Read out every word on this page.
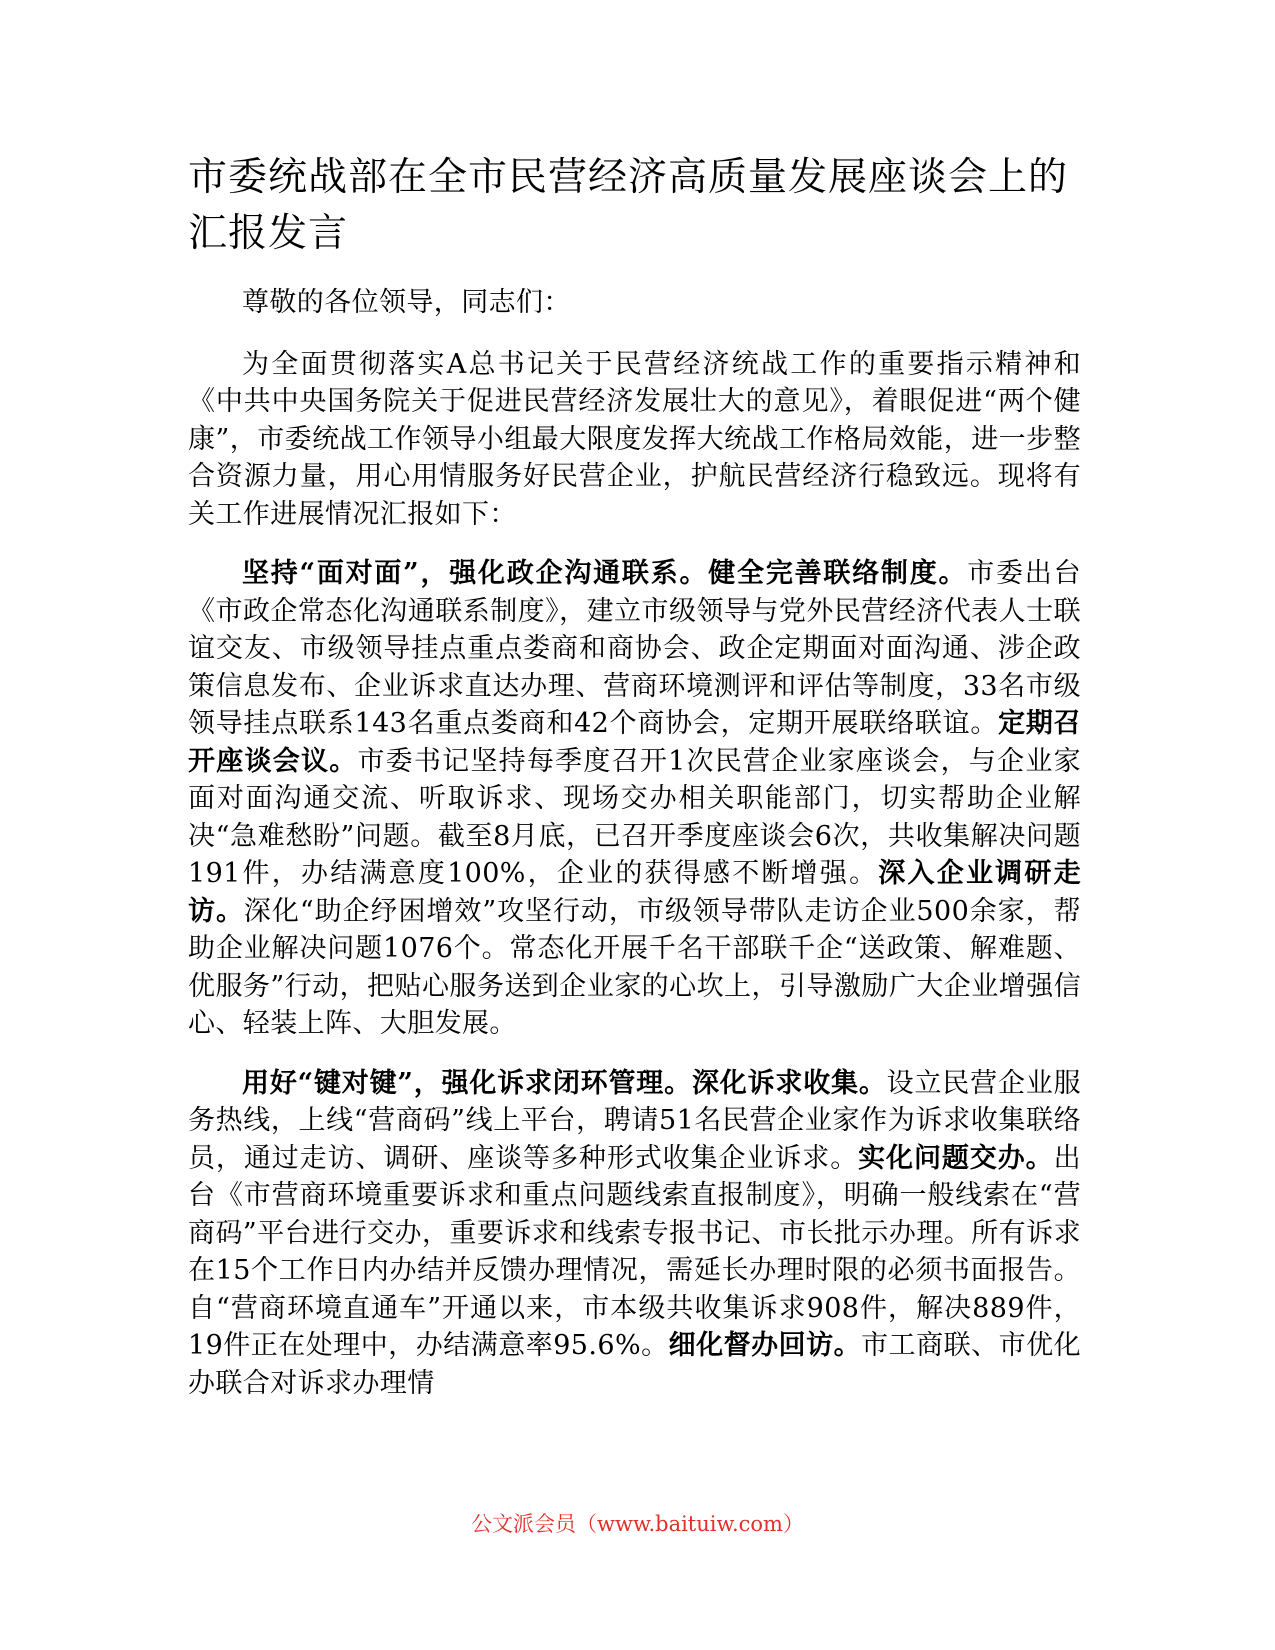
市委统战部在全市民营经济高质量发展座谈会上的汇报发言

尊敬的各位领导，同志们：

为全面贯彻落实A总书记关于民营经济统战工作的重要指示精神和《中共中央国务院关于促进民营经济发展壮大的意见》，着眼促进“两个健康”，市委统战工作领导小组最大限度发挥大统战工作格局效能，进一步整合资源力量，用心用情服务好民营企业，护航民营经济行稳致远。现将有关工作进展情况汇报如下：

坚持“面对面”，强化政企沟通联系。健全完善联络制度。市委出台《市政企常态化沟通联系制度》，建立市级领导与党外民营经济代表人士联谊交友、市级领导挂点重点娄商和商协会、政企定期面对面沟通、涉企政策信息发布、企业诉求直达办理、营商环境测评和评估等制度，33名市级领导挂点联系143名重点娄商和42个商协会，定期开展联络联谊。定期召开座谈会议。市委书记坚持每季度召开1次民营企业家座谈会，与企业家面对面沟通交流、听取诉求、现场交办相关职能部门，切实帮助企业解决“急难愁盼”问题。截至8月底，已召开季度座谈会6次，共收集解决问题191件，办结满意度100%，企业的获得感不断增强。深入企业调研走访。深化“助企纾困增效”攻坚行动，市级领导带队走访企业500余家，帮助企业解决问题1076个。常态化开展千名干部联千企“送政策、解难题、优服务”行动，把贴心服务送到企业家的心坎上，引导激励广大企业增强信心、轻装上阵、大胆发展。

用好“键对键”，强化诉求闭环管理。深化诉求收集。设立民营企业服务热线，上线“营商码”线上平台，聘请51名民营企业家作为诉求收集联络员，通过走访、调研、座谈等多种形式收集企业诉求。实化问题交办。出台《市营商环境重要诉求和重点问题线索直报制度》，明确一般线索在“营商码”平台进行交办，重要诉求和线索专报书记、市长批示办理。所有诉求在15个工作日内办结并反馈办理情况，需延长办理时限的必须书面报告。自“营商环境直通车”开通以来，市本级共收集诉求908件，解决889件，19件正在处理中，办结满意率95.6%。细化督办回访。市工商联、市优化办联合对诉求办理情

公文派会员（www.baituiw.com）
